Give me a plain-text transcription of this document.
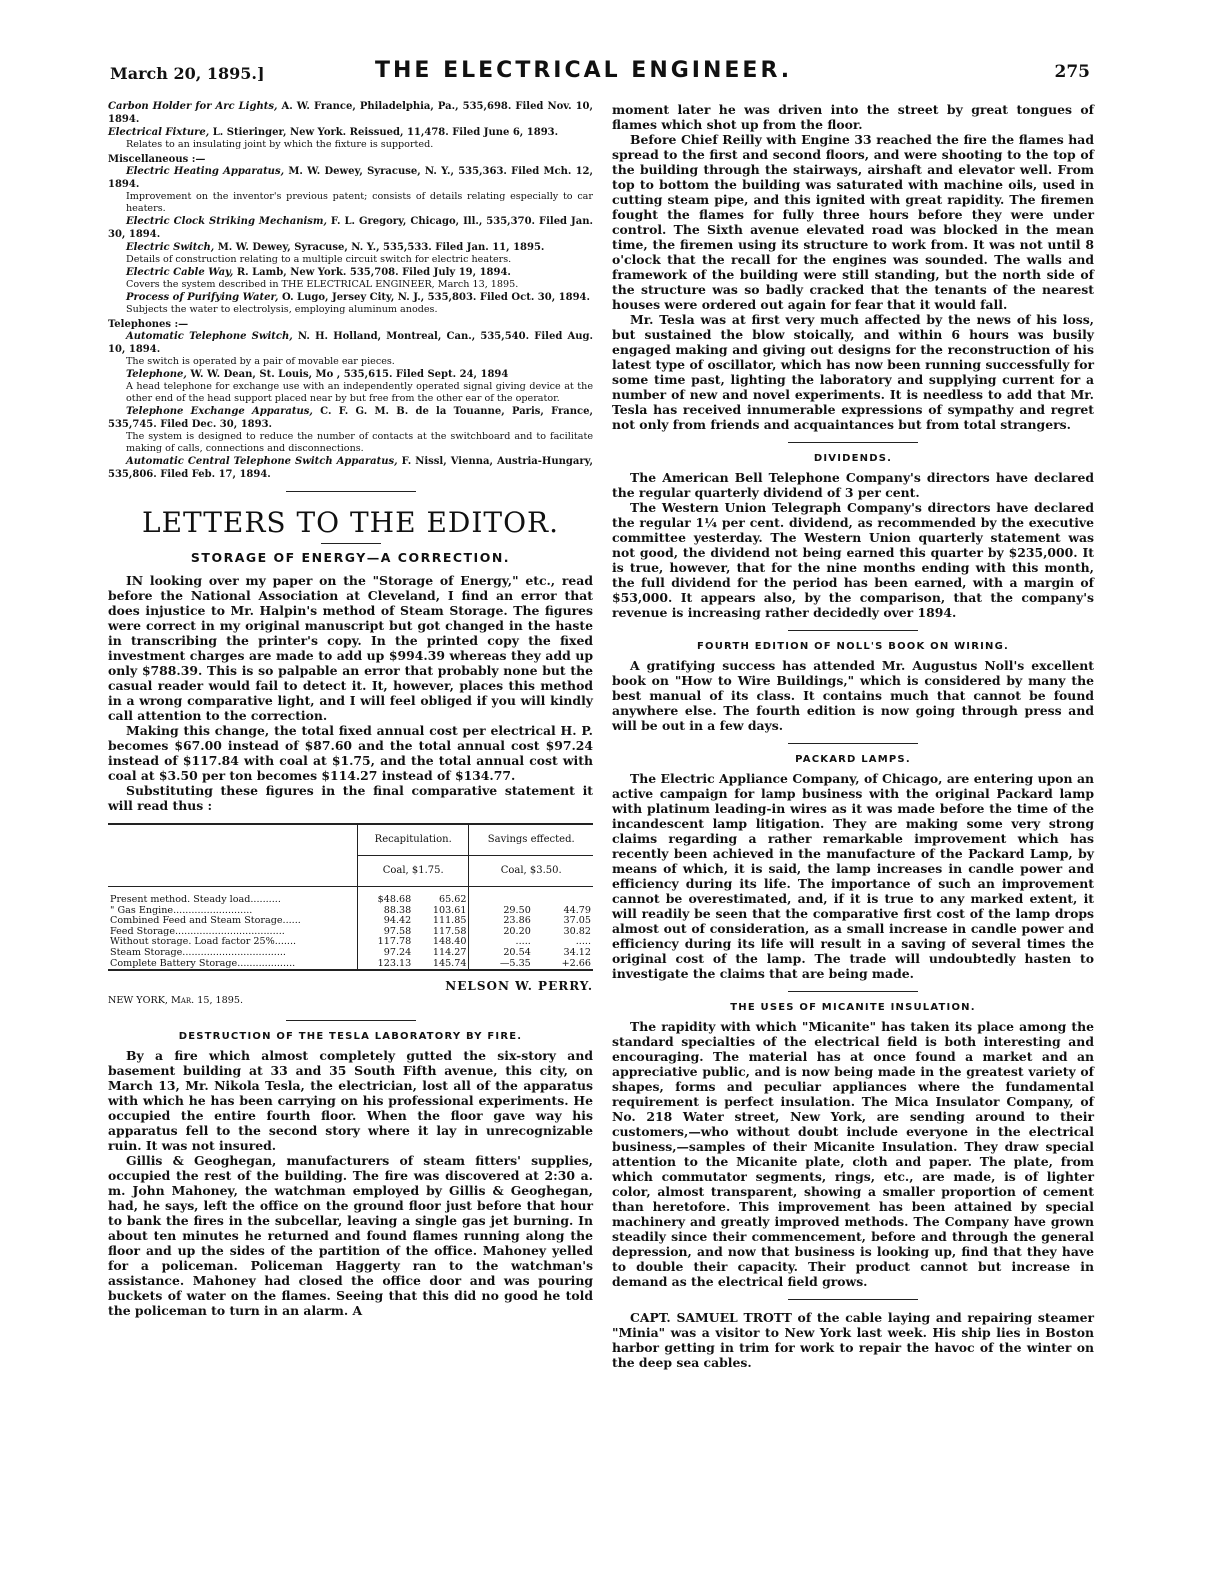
March 20, 1895.]	THE ELECTRICAL ENGINEER.	275

Carbon Holder for Arc Lights, A. W. France, Philadelphia, Pa., 535,698. Filed Nov. 10, 1894.

Electrical Fixture, L. Stieringer, New York. Reissued, 11,478. Filed June 6, 1893.

Relates to an insulating joint by which the fixture is supported.

Miscellaneous :—

Electric Heating Apparatus, M. W. Dewey, Syracuse, N. Y., 535,363. Filed Mch. 12, 1894.

Improvement on the inventor's previous patent; consists of details relating especially to car heaters.

Electric Clock Striking Mechanism, F. L. Gregory, Chicago, Ill., 535,370. Filed Jan. 30, 1894.

Electric Switch, M. W. Dewey, Syracuse, N. Y., 535,533. Filed Jan. 11, 1895.

Details of construction relating to a multiple circuit switch for electric heaters.

Electric Cable Way, R. Lamb, New York. 535,708. Filed July 19, 1894.

Covers the system described in THE ELECTRICAL ENGINEER, March 13, 1895.

Process of Purifying Water, O. Lugo, Jersey City, N. J., 535,803. Filed Oct. 30, 1894.

Subjects the water to electrolysis, employing aluminum anodes.

Telephones :—

Automatic Telephone Switch, N. H. Holland, Montreal, Can., 535,540. Filed Aug. 10, 1894.

The switch is operated by a pair of movable ear pieces.

Telephone, W. W. Dean, St. Louis, Mo , 535,615. Filed Sept. 24, 1894

A head telephone for exchange use with an independently operated signal giving device at the other end of the head support placed near by but free from the other ear of the operator.

Telephone Exchange Apparatus, C. F. G. M. B. de la Touanne, Paris, France, 535,745. Filed Dec. 30, 1893.

The system is designed to reduce the number of contacts at the switchboard and to facilitate making of calls, connections and disconnections.

Automatic Central Telephone Switch Apparatus, F. Nissl, Vienna, Austria-Hungary, 535,806. Filed Feb. 17, 1894.

LETTERS TO THE EDITOR.
STORAGE OF ENERGY—A CORRECTION.

IN looking over my paper on the "Storage of Energy," etc., read before the National Association at Cleveland, I find an error that does injustice to Mr. Halpin's method of Steam Storage. The figures were correct in my original manuscript but got changed in the haste in transcribing the printer's copy. In the printed copy the fixed investment charges are made to add up $994.39 whereas they add up only $788.39. This is so palpable an error that probably none but the casual reader would fail to detect it. It, however, places this method in a wrong comparative light, and I will feel obliged if you will kindly call attention to the correction.

Making this change, the total fixed annual cost per electrical H. P. becomes $67.00 instead of $87.60 and the total annual cost $97.24 instead of $117.84 with coal at $1.75, and the total annual cost with coal at $3.50 per ton becomes $114.27 instead of $134.77.

Substituting these figures in the final comparative statement it will read thus :

	Recapitulation.		Savings effected.	
	Coal, $1.75.		Coal, $3.50.	

Present method. Steady load..........	$48.68	65.62		
" Gas Engine..........................	88.38	103.61	29.50	44.79
Combined Feed and Steam Storage......	94.42	111.85	23.86	37.05
Feed Storage....................................	97.58	117.58	20.20	30.82
Without storage. Load factor 25%.......	117.78	148.40	.....	.....
Steam Storage..................................	97.24	114.27	20.54	34.12
Complete Battery Storage...................	123.13	145.74	—5.35	+2.66
NELSON W. PERRY.
NEW YORK, Mar. 15, 1895.
DESTRUCTION OF THE TESLA LABORATORY BY FIRE.

By a fire which almost completely gutted the six-story and basement building at 33 and 35 South Fifth avenue, this city, on March 13, Mr. Nikola Tesla, the electrician, lost all of the apparatus with which he has been carrying on his professional experiments. He occupied the entire fourth floor. When the floor gave way his apparatus fell to the second story where it lay in unrecognizable ruin. It was not insured.

Gillis & Geoghegan, manufacturers of steam fitters' supplies, occupied the rest of the building. The fire was discovered at 2:30 a. m. John Mahoney, the watchman employed by Gillis & Geoghegan, had, he says, left the office on the ground floor just before that hour to bank the fires in the subcellar, leaving a single gas jet burning. In about ten minutes he returned and found flames running along the floor and up the sides of the partition of the office. Mahoney yelled for a policeman. Policeman Haggerty ran to the watchman's assistance. Mahoney had closed the office door and was pouring buckets of water on the flames. Seeing that this did no good he told the policeman to turn in an alarm. A

moment later he was driven into the street by great tongues of flames which shot up from the floor.

Before Chief Reilly with Engine 33 reached the fire the flames had spread to the first and second floors, and were shooting to the top of the building through the stairways, airshaft and elevator well. From top to bottom the building was saturated with machine oils, used in cutting steam pipe, and this ignited with great rapidity. The firemen fought the flames for fully three hours before they were under control. The Sixth avenue elevated road was blocked in the mean time, the firemen using its structure to work from. It was not until 8 o'clock that the recall for the engines was sounded. The walls and framework of the building were still standing, but the north side of the structure was so badly cracked that the tenants of the nearest houses were ordered out again for fear that it would fall.

Mr. Tesla was at first very much affected by the news of his loss, but sustained the blow stoically, and within 6 hours was busily engaged making and giving out designs for the reconstruction of his latest type of oscillator, which has now been running successfully for some time past, lighting the laboratory and supplying current for a number of new and novel experiments. It is needless to add that Mr. Tesla has received innumerable expressions of sympathy and regret not only from friends and acquaintances but from total strangers.

DIVIDENDS.

The American Bell Telephone Company's directors have declared the regular quarterly dividend of 3 per cent.

The Western Union Telegraph Company's directors have declared the regular 1¼ per cent. dividend, as recommended by the executive committee yesterday. The Western Union quarterly statement was not good, the dividend not being earned this quarter by $235,000. It is true, however, that for the nine months ending with this month, the full dividend for the period has been earned, with a margin of $53,000. It appears also, by the comparison, that the company's revenue is increasing rather decidedly over 1894.

FOURTH EDITION OF NOLL'S BOOK ON WIRING.

A gratifying success has attended Mr. Augustus Noll's excellent book on "How to Wire Buildings," which is considered by many the best manual of its class. It contains much that cannot be found anywhere else. The fourth edition is now going through press and will be out in a few days.

PACKARD LAMPS.

The Electric Appliance Company, of Chicago, are entering upon an active campaign for lamp business with the original Packard lamp with platinum leading-in wires as it was made before the time of the incandescent lamp litigation. They are making some very strong claims regarding a rather remarkable improvement which has recently been achieved in the manufacture of the Packard Lamp, by means of which, it is said, the lamp increases in candle power and efficiency during its life. The importance of such an improvement cannot be overestimated, and, if it is true to any marked extent, it will readily be seen that the comparative first cost of the lamp drops almost out of consideration, as a small increase in candle power and efficiency during its life will result in a saving of several times the original cost of the lamp. The trade will undoubtedly hasten to investigate the claims that are being made.

THE USES OF MICANITE INSULATION.

The rapidity with which "Micanite" has taken its place among the standard specialties of the electrical field is both interesting and encouraging. The material has at once found a market and an appreciative public, and is now being made in the greatest variety of shapes, forms and peculiar appliances where the fundamental requirement is perfect insulation. The Mica Insulator Company, of No. 218 Water street, New York, are sending around to their customers,—who without doubt include everyone in the electrical business,—samples of their Micanite Insulation. They draw special attention to the Micanite plate, cloth and paper. The plate, from which commutator segments, rings, etc., are made, is of lighter color, almost transparent, showing a smaller proportion of cement than heretofore. This improvement has been attained by special machinery and greatly improved methods. The Company have grown steadily since their commencement, before and through the general depression, and now that business is looking up, find that they have to double their capacity. Their product cannot but increase in demand as the electrical field grows.

CAPT. SAMUEL TROTT of the cable laying and repairing steamer "Minia" was a visitor to New York last week. His ship lies in Boston harbor getting in trim for work to repair the havoc of the winter on the deep sea cables.
